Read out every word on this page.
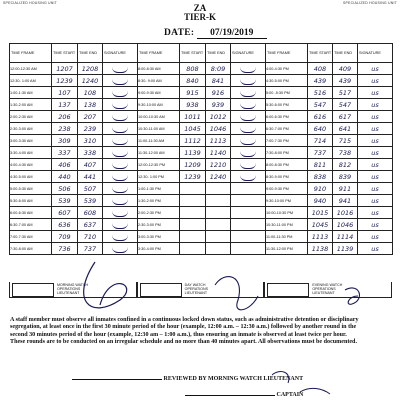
SPECIALIZED HOUSING UNIT	SPECIALIZED HOUSING UNIT
ZA
TIER-K
DATE: 07/19/2019
TIME FRAME	TIME START	TIME END	SIGNATURE	TIME FRAME	TIME START	TIME END	SIGNATURE	TIME FRAME	TIME START	TIME END	SIGNATURE
12:00-12:30 AM	1207	1208		8:00-8:30 AM	808	8:09		4:00-4:30 PM	408	409	us
12:30- 1:00 AM	1239	1240		8:30- 9:00 AM	840	841		4:30-5:00 PM	439	439	us
1:00-1:30 AM	107	108		9:00-9:30 AM	915	916		5:00 -5:30 PM	516	517	us
1:30-2:00 AM	137	138		9:30-10:00 AM	938	939		5:30-6:00 PM	547	547	us
2:00-2:30 AM	206	207		10:00-10:30 AM	1011	1012		6:00-6:30 PM	616	617	us
2:30-3:00 AM	238	239		10:30-11:00 AM	1045	1046		6:30-7:00 PM	640	641	us
3:00-3:30 AM	309	310		11:00-11:30 AM	1112	1113		7:00-7:30 PM	714	715	us
3:30-4:00 AM	337	338		11:30-12:00 AM	1139	1140		7:30-8:00 PM	737	738	us
4:00-4:30 AM	406	407		12:00-12:30 PM	1209	1210		8:00-8:30 PM	811	812	us
4:30-5:00 AM	440	441		12:30- 1:00 PM	1239	1240		8:30-9:00 PM	838	839	us
5:00-5:30 AM	506	507		1:00-1:30 PM				9:00-9:30 PM	910	911	us
5:30-6:00 AM	539	539		1:30-2:00 PM				9:30-10:00 PM	940	941	us
6:00-6:30 AM	607	608		2:00-2:30 PM				10:00-10:30 PM	1015	1016	us
6:30-7:00 AM	636	637		2:30-3:00 PM				10:30-11:00 PM	1045	1046	us
7:00-7:30 AM	709	710		3:00-3:30 PM				11:00-11:30 PM	1113	1114	us
7:30-8:00 AM	736	737		3:30-4:00 PM				11:30-12:00 PM	1138	1139	us
MORNING WATCH OPERATIONS LIEUTENANT
DAY WATCH OPERATIONS LIEUTENANT
EVENING WATCH OPERATIONS LIEUTENANT
A staff member must observe all inmates confined in a continuous locked down status, such as administrative detention or disciplinary segregation, at least once in the first 30 minute period of the hour (example, 12:00 a.m. – 12:30 a.m.) followed by another round in the second 30 minutes period of the hour (example, 12:30 am – 1:00 a.m.), thus ensuring an inmate is observed at least twice per hour. These rounds are to be conducted on an irregular schedule and no more than 40 minutes apart. All observations must be documented.
REVIEWED BY MORNING WATCH LIEUTENANT
CAPTAIN
